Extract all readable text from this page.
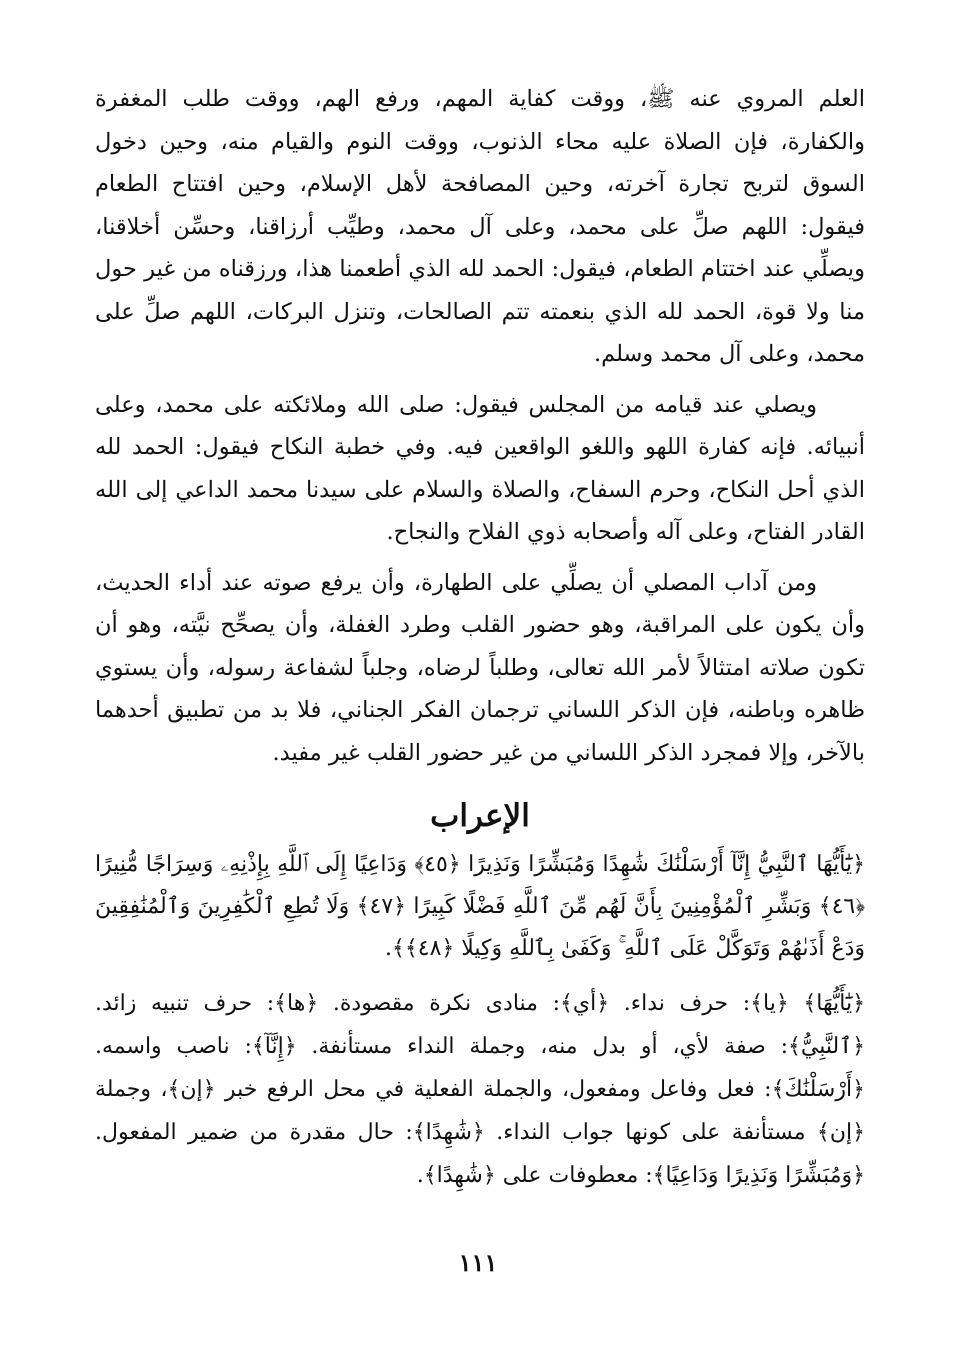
العلم المروي عنه ﷺ، ووقت كفاية المهم، ورفع الهم، ووقت طلب المغفرة والكفارة، فإن الصلاة عليه محاء الذنوب، ووقت النوم والقيام منه، وحين دخول السوق لتربح تجارة آخرته، وحين المصافحة لأهل الإسلام، وحين افتتاح الطعام فيقول: اللهم صلِّ على محمد، وعلى آل محمد، وطيِّب أرزاقنا، وحسِّن أخلاقنا، ويصلِّي عند اختتام الطعام، فيقول: الحمد لله الذي أطعمنا هذا، ورزقناه من غير حول منا ولا قوة، الحمد لله الذي بنعمته تتم الصالحات، وتنزل البركات، اللهم صلِّ على محمد، وعلى آل محمد وسلم.

ويصلي عند قيامه من المجلس فيقول: صلى الله وملائكته على محمد، وعلى أنبيائه. فإنه كفارة اللهو واللغو الواقعين فيه. وفي خطبة النكاح فيقول: الحمد لله الذي أحل النكاح، وحرم السفاح، والصلاة والسلام على سيدنا محمد الداعي إلى الله القادر الفتاح، وعلى آله وأصحابه ذوي الفلاح والنجاح.

ومن آداب المصلي أن يصلِّي على الطهارة، وأن يرفع صوته عند أداء الحديث، وأن يكون على المراقبة، وهو حضور القلب وطرد الغفلة، وأن يصحِّح نيَّته، وهو أن تكون صلاته امتثالاً لأمر الله تعالى، وطلباً لرضاه، وجلباً لشفاعة رسوله، وأن يستوي ظاهره وباطنه، فإن الذكر اللساني ترجمان الفكر الجناني، فلا بد من تطبيق أحدهما بالآخر، وإلا فمجرد الذكر اللساني من غير حضور القلب غير مفيد.

الإعراب

﴿يَٰٓأَيُّهَا ٱلنَّبِيُّ إِنَّآ أَرْسَلْنَٰكَ شَٰهِدًا وَمُبَشِّرًا وَنَذِيرًا ﴿٤٥﴾ وَدَاعِيًا إِلَى ٱللَّهِ بِإِذْنِهِۦ وَسِرَاجًا مُّنِيرًا ﴿٤٦﴾ وَبَشِّرِ ٱلْمُؤْمِنِينَ بِأَنَّ لَهُم مِّنَ ٱللَّهِ فَضْلًا كَبِيرًا ﴿٤٧﴾ وَلَا تُطِعِ ٱلْكَٰفِرِينَ وَٱلْمُنَٰفِقِينَ وَدَعْ أَذَىٰهُمْ وَتَوَكَّلْ عَلَى ٱللَّهِ ۚ وَكَفَىٰ بِٱللَّهِ وَكِيلًا ﴿٤٨﴾﴾.

﴿يَٰٓأَيُّهَا﴾ ﴿يا﴾: حرف نداء. ﴿أي﴾: منادى نكرة مقصودة. ﴿ها﴾: حرف تنبيه زائد. ﴿ٱلنَّبِيُّ﴾: صفة لأي، أو بدل منه، وجملة النداء مستأنفة. ﴿إِنَّآ﴾: ناصب واسمه. ﴿أَرْسَلْنَٰكَ﴾: فعل وفاعل ومفعول، والجملة الفعلية في محل الرفع خبر ﴿إن﴾، وجملة ﴿إن﴾ مستأنفة على كونها جواب النداء. ﴿شَٰهِدًا﴾: حال مقدرة من ضمير المفعول. ﴿وَمُبَشِّرًا وَنَذِيرًا وَدَاعِيًا﴾: معطوفات على ﴿شَٰهِدًا﴾.

١١١
